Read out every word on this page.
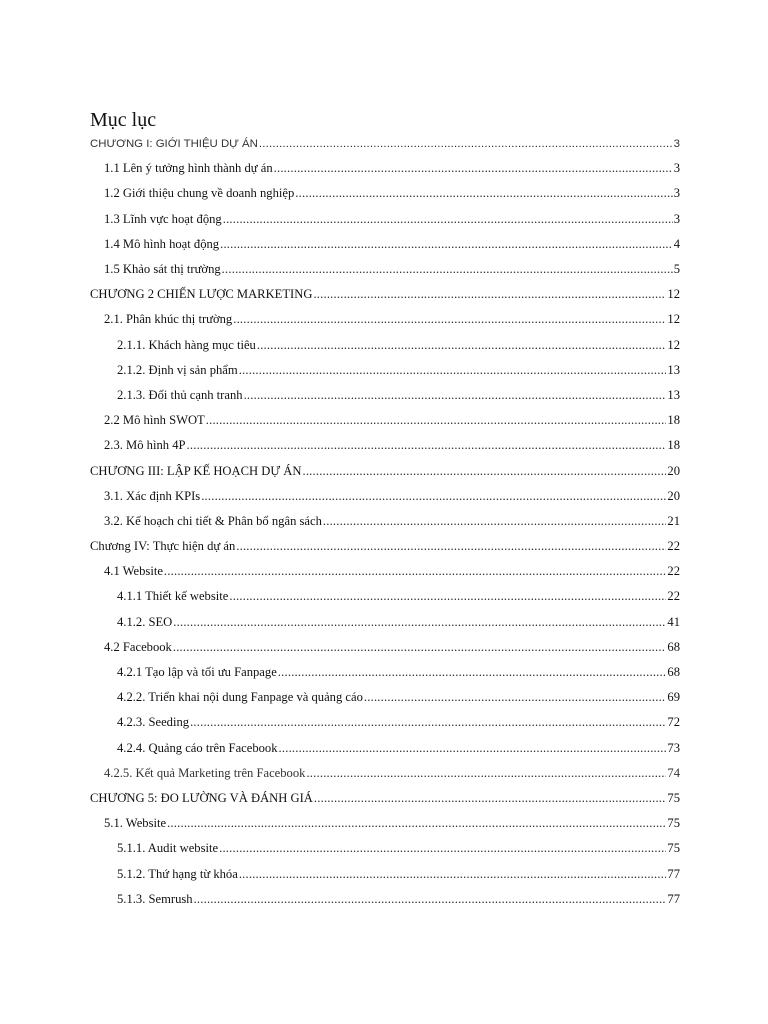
Mục lục
CHƯƠNG I: GIỚI THIỆU DỰ ÁN .....	3
1.1 Lên ý tưởng hình thành dự án .....	3
1.2 Giới thiệu chung về doanh nghiệp .....	3
1.3 Lĩnh vực hoạt động .....	3
1.4 Mô hình hoạt động .....	4
1.5 Khảo sát thị trường .....	5
CHƯƠNG 2 CHIẾN LƯỢC MARKETING .....	12
2.1. Phân khúc thị trường .....	12
2.1.1. Khách hàng mục tiêu .....	12
2.1.2. Định vị sản phẩm .....	13
2.1.3. Đối thủ cạnh tranh .....	13
2.2 Mô hình SWOT .....	18
2.3. Mô hình 4P .....	18
CHƯƠNG III: LẬP KẾ HOẠCH DỰ ÁN .....	20
3.1. Xác định KPIs .....	20
3.2. Kế hoạch chi tiết & Phân bổ ngân sách .....	21
Chương IV: Thực hiện dự án .....	22
4.1 Website .....	22
4.1.1 Thiết kế website .....	22
4.1.2. SEO .....	41
4.2 Facebook .....	68
4.2.1 Tạo lập và tối ưu Fanpage .....	68
4.2.2. Triển khai nội dung Fanpage và quảng cáo .....	69
4.2.3. Seeding .....	72
4.2.4. Quảng cáo trên Facebook .....	73
4.2.5. Kết quả Marketing trên Facebook .....	74
CHƯƠNG 5: ĐO LƯỜNG VÀ ĐÁNH GIÁ .....	75
5.1. Website .....	75
5.1.1. Audit website .....	75
5.1.2. Thứ hạng từ khóa .....	77
5.1.3. Semrush .....	77
